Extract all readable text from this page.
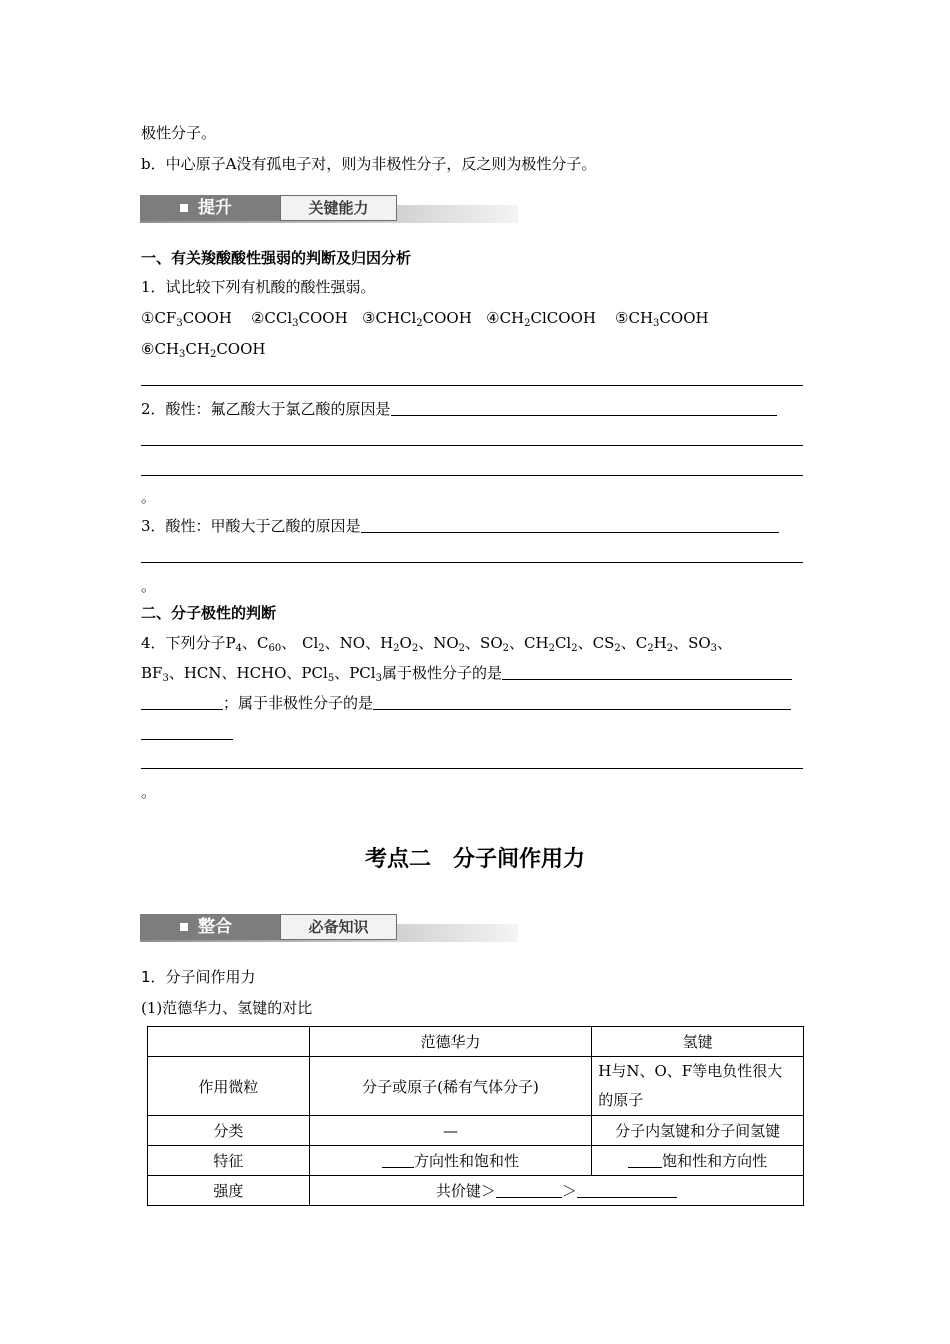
极性分子。
b．中心原子A没有孤电子对，则为非极性分子，反之则为极性分子。
提升	关键能力
一、有关羧酸酸性强弱的判断及归因分析
1．试比较下列有机酸的酸性强弱。
$①CF_3COOH$ ②CCl$_3$COOH ③CHCl$_2$COOH $④CH_2ClCOOH$ $⑤CH_3COOH$
$⑥CH_3CH_2COOH$
2．酸性：氟乙酸大于氯乙酸的原因是
。
3．酸性：甲酸大于乙酸的原因是
。
二、分子极性的判断
4．下列分子$P_4$、$C_{60}$、 $Cl_2$、NO、$H_2O_2$、$NO_2$、$SO_2$、$CH_2Cl_2$、$CS_2$、$C_2H_2$、$SO_3$、
$BF_3$、HCN、HCHO、PCl$_5$、PCl$_3$属于极性分子的是
；属于非极性分子的是
。
考点二　分子间作用力
整合	必备知识
1．分子间作用力
(1)范德华力、氢键的对比
	范德华力	氢键
作用微粒	分子或原子(稀有气体分子)	H与N、O、F等电负性很大的原子
分类	—	分子内氢键和分子间氢键
特征	方向性和饱和性	饱和性和方向性
强度	共价键＞ ＞	
